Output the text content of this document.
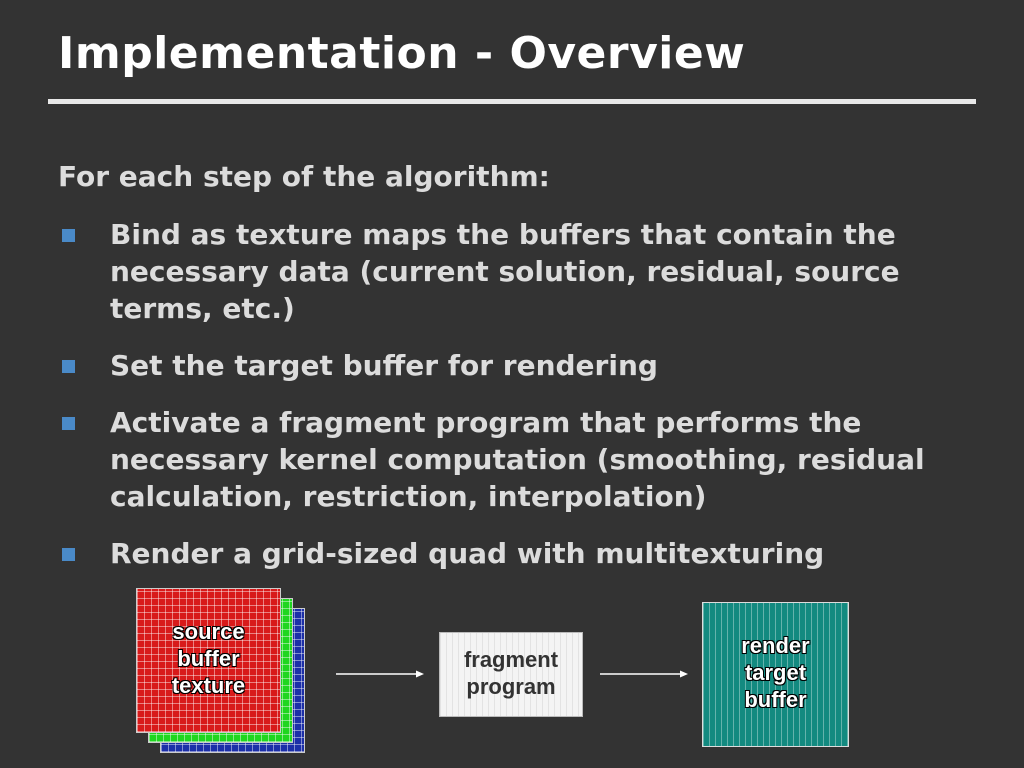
Implementation - Overview
For each step of the algorithm:
Bind as texture maps the buffers that contain the necessary data (current solution, residual, source terms, etc.)
Set the target buffer for rendering
Activate a fragment program that performs the necessary kernel computation (smoothing, residual calculation, restriction, interpolation)
Render a grid-sized quad with multitexturing
source
buffer
texture
fragment
program
render
target
buffer
